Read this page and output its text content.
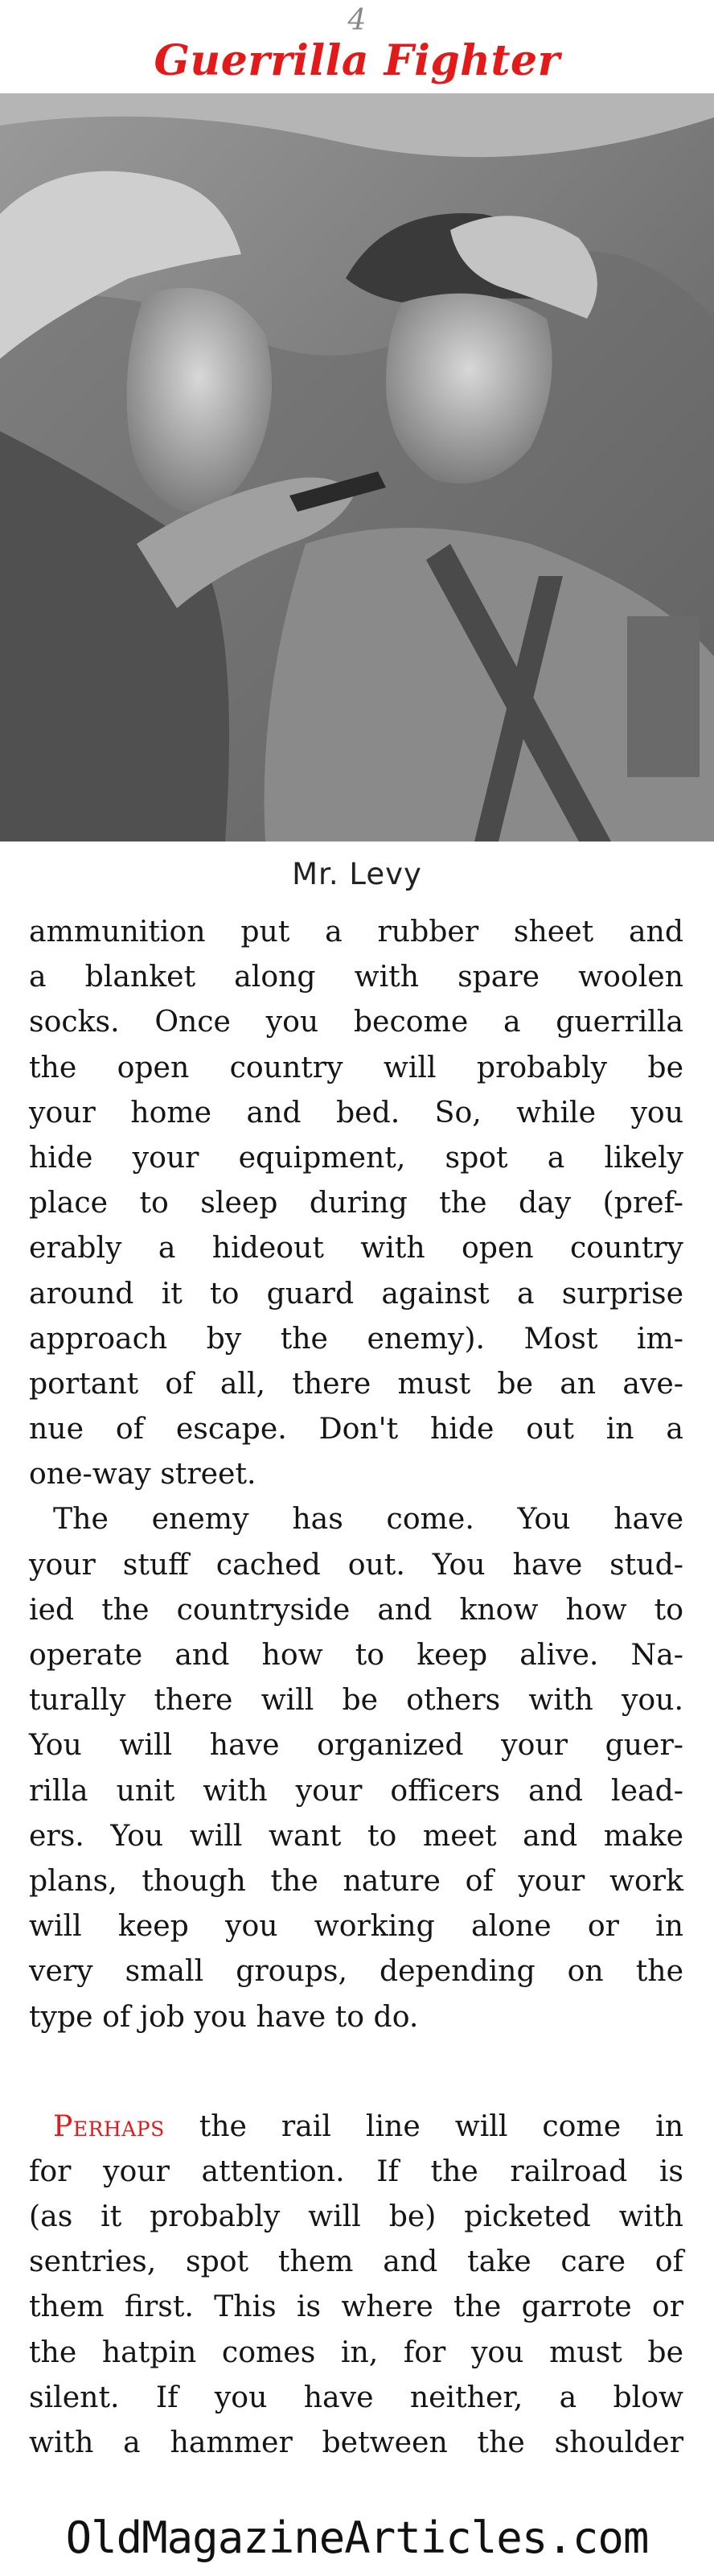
4
Guerrilla Fighter
Mr. Levy
ammunition put a rubber sheet and
a blanket along with spare woolen
socks. Once you become a guerrilla
the open country will probably be
your home and bed. So, while you
hide your equipment, spot a likely
place to sleep during the day (pref-
erably a hideout with open country
around it to guard against a surprise
approach by the enemy). Most im-
portant of all, there must be an ave-
nue of escape. Don't hide out in a
one-way street.
The enemy has come. You have
your stuff cached out. You have stud-
ied the countryside and know how to
operate and how to keep alive. Na-
turally there will be others with you.
You will have organized your guer-
rilla unit with your officers and lead-
ers. You will want to meet and make
plans, though the nature of your work
will keep you working alone or in
very small groups, depending on the
type of job you have to do.
Perhaps the rail line will come in
for your attention. If the railroad is
(as it probably will be) picketed with
sentries, spot them and take care of
them first. This is where the garrote or
the hatpin comes in, for you must be
silent. If you have neither, a blow
with a hammer between the shoulder
OldMagazineArticles.com
